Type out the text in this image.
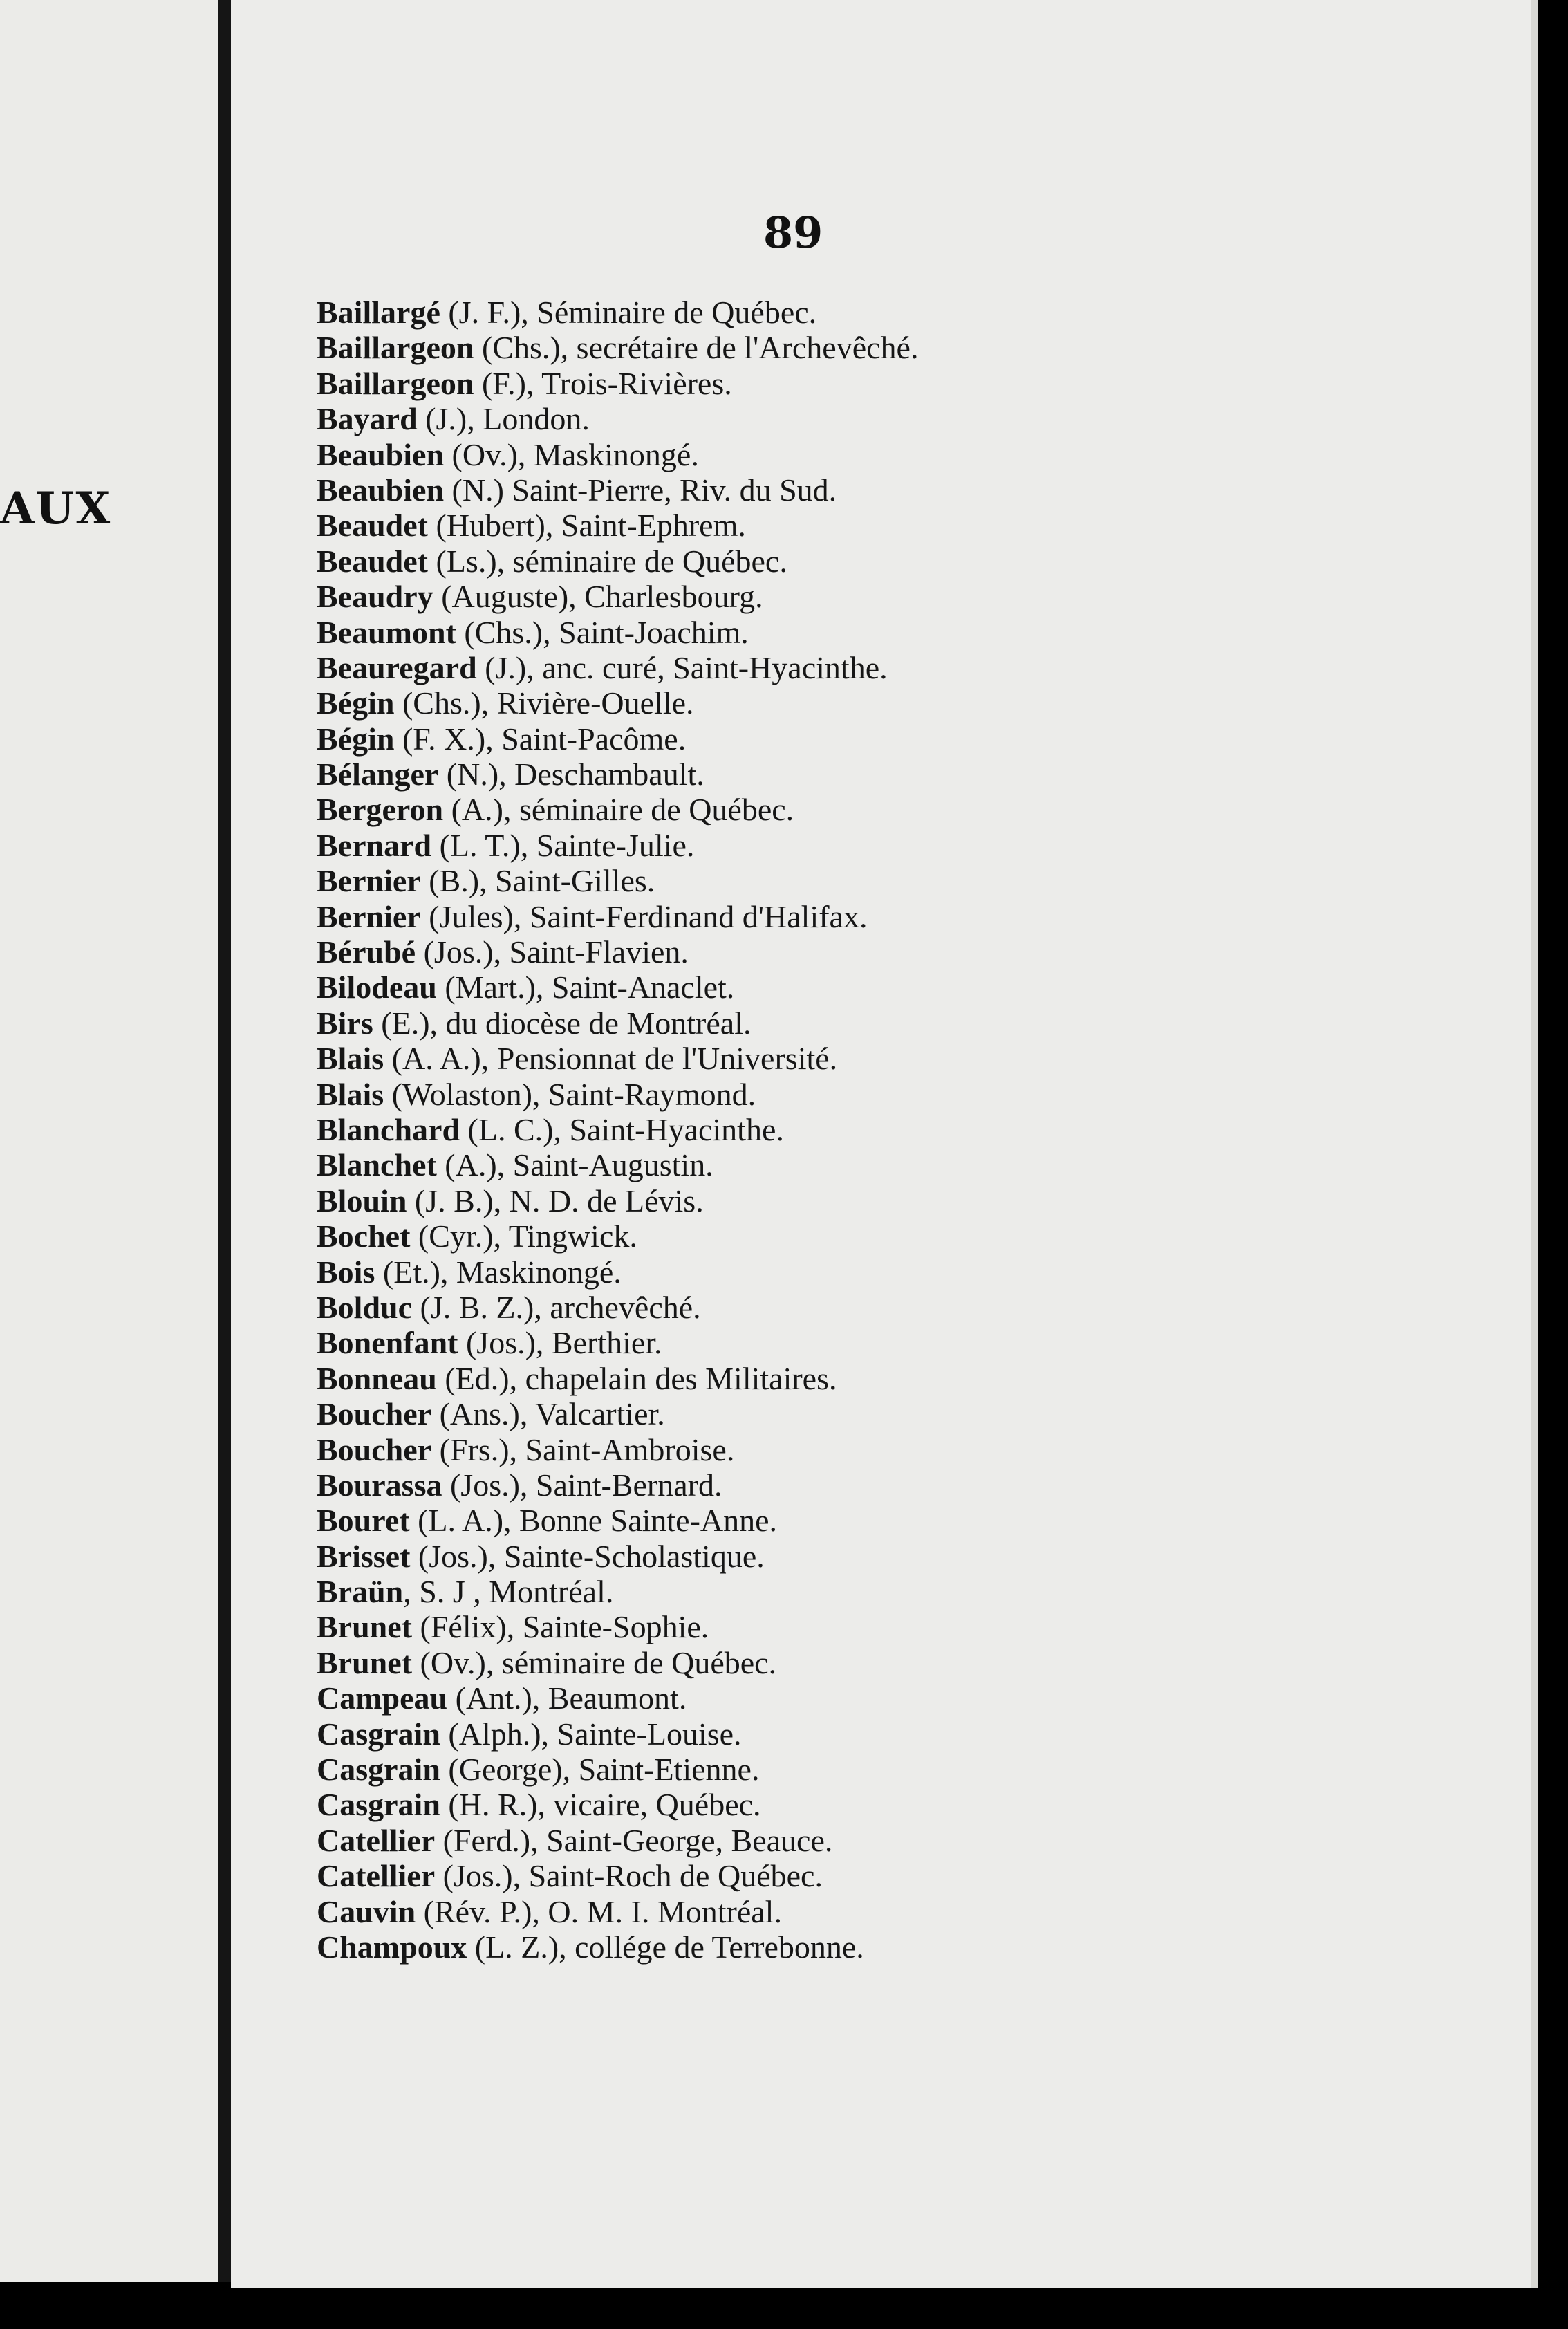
AUX

89

Baillargé (J. F.), Séminaire de Québec.
Baillargeon (Chs.), secrétaire de l'Archevêché.
Baillargeon (F.), Trois-Rivières.
Bayard (J.), London.
Beaubien (Ov.), Maskinongé.
Beaubien (N.) Saint-Pierre, Riv. du Sud.
Beaudet (Hubert), Saint-Ephrem.
Beaudet (Ls.), séminaire de Québec.
Beaudry (Auguste), Charlesbourg.
Beaumont (Chs.), Saint-Joachim.
Beauregard (J.), anc. curé, Saint-Hyacinthe.
Bégin (Chs.), Rivière-Ouelle.
Bégin (F. X.), Saint-Pacôme.
Bélanger (N.), Deschambault.
Bergeron (A.), séminaire de Québec.
Bernard (L. T.), Sainte-Julie.
Bernier (B.), Saint-Gilles.
Bernier (Jules), Saint-Ferdinand d'Halifax.
Bérubé (Jos.), Saint-Flavien.
Bilodeau (Mart.), Saint-Anaclet.
Birs (E.), du diocèse de Montréal.
Blais (A. A.), Pensionnat de l'Université.
Blais (Wolaston), Saint-Raymond.
Blanchard (L. C.), Saint-Hyacinthe.
Blanchet (A.), Saint-Augustin.
Blouin (J. B.), N. D. de Lévis.
Bochet (Cyr.), Tingwick.
Bois (Et.), Maskinongé.
Bolduc (J. B. Z.), archevêché.
Bonenfant (Jos.), Berthier.
Bonneau (Ed.), chapelain des Militaires.
Boucher (Ans.), Valcartier.
Boucher (Frs.), Saint-Ambroise.
Bourassa (Jos.), Saint-Bernard.
Bouret (L. A.), Bonne Sainte-Anne.
Brisset (Jos.), Sainte-Scholastique.
Braün, S. J , Montréal.
Brunet (Félix), Sainte-Sophie.
Brunet (Ov.), séminaire de Québec.
Campeau (Ant.), Beaumont.
Casgrain (Alph.), Sainte-Louise.
Casgrain (George), Saint-Etienne.
Casgrain (H. R.), vicaire, Québec.
Catellier (Ferd.), Saint-George, Beauce.
Catellier (Jos.), Saint-Roch de Québec.
Cauvin (Rév. P.), O. M. I. Montréal.
Champoux (L. Z.), collége de Terrebonne.
